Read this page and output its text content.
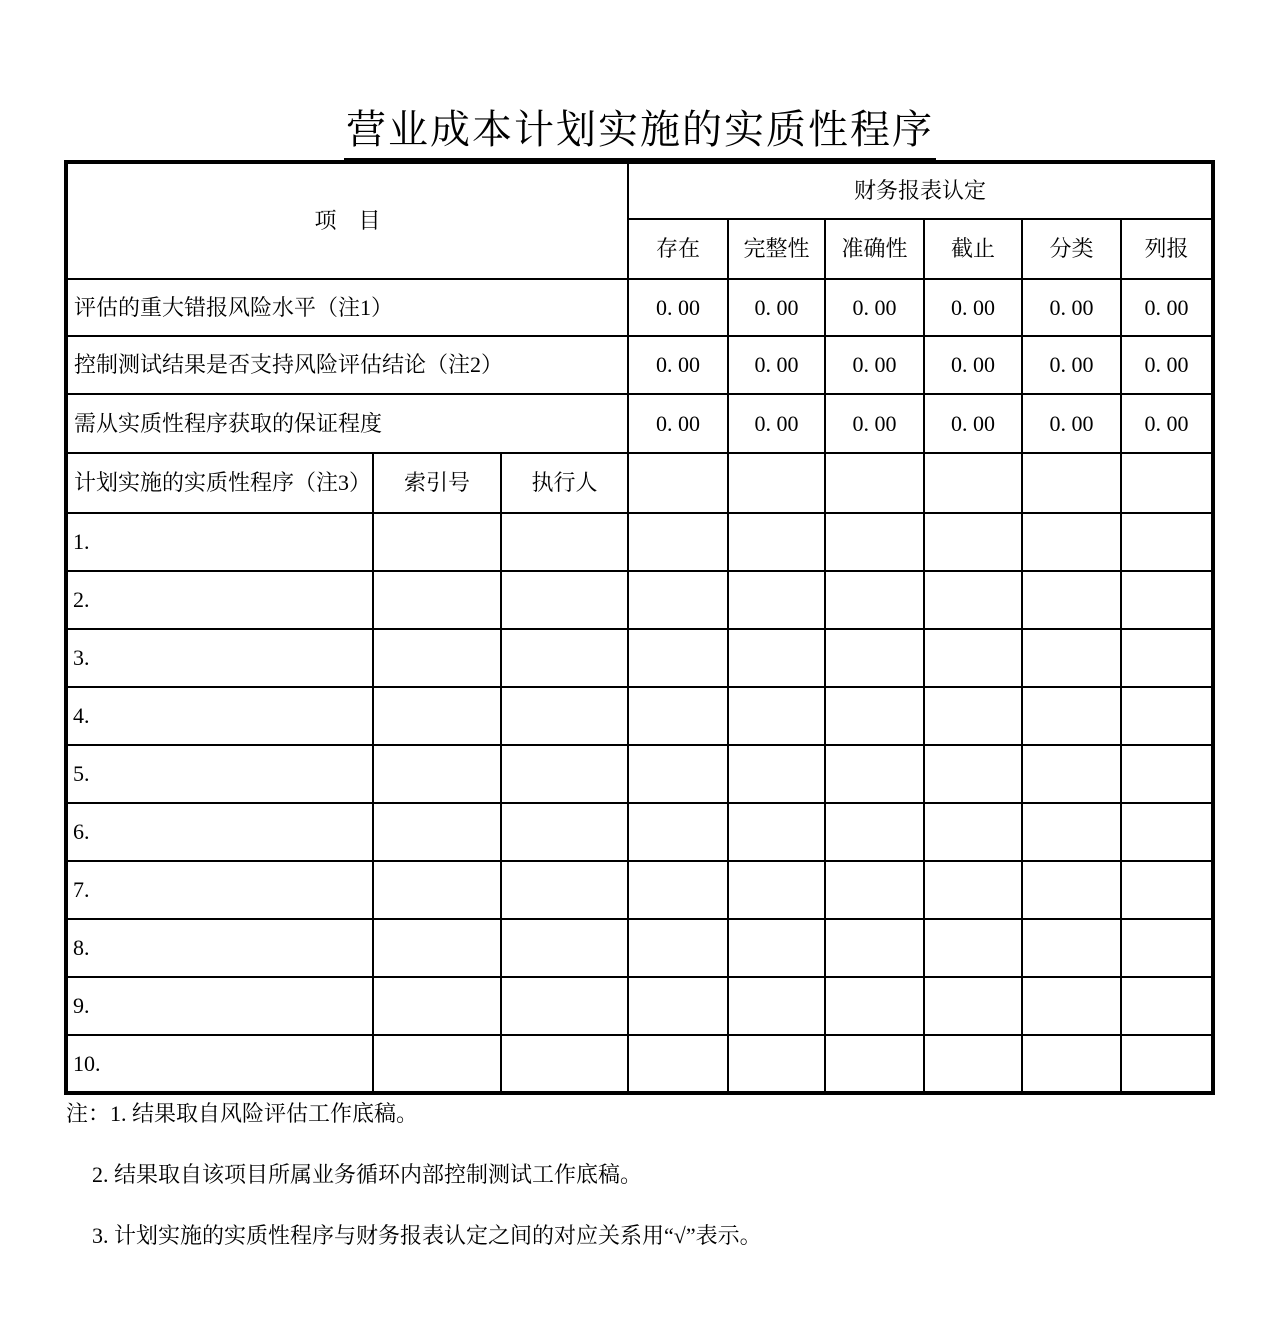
营业成本计划实施的实质性程序
项　目			财务报表认定					
			存在	完整性	准确性	截止	分类	列报
评估的重大错报风险水平（注1）			0. 00	0. 00	0. 00	0. 00	0. 00	0. 00
控制测试结果是否支持风险评估结论（注2）			0. 00	0. 00	0. 00	0. 00	0. 00	0. 00
需从实质性程序获取的保证程度			0. 00	0. 00	0. 00	0. 00	0. 00	0. 00
计划实施的实质性程序（注3）	索引号	执行人						
1.								
2.								
3.								
4.								
5.								
6.								
7.								
8.								
9.								
10.								

注：1. 结果取自风险评估工作底稿。

2. 结果取自该项目所属业务循环内部控制测试工作底稿。

3. 计划实施的实质性程序与财务报表认定之间的对应关系用“√”表示。
